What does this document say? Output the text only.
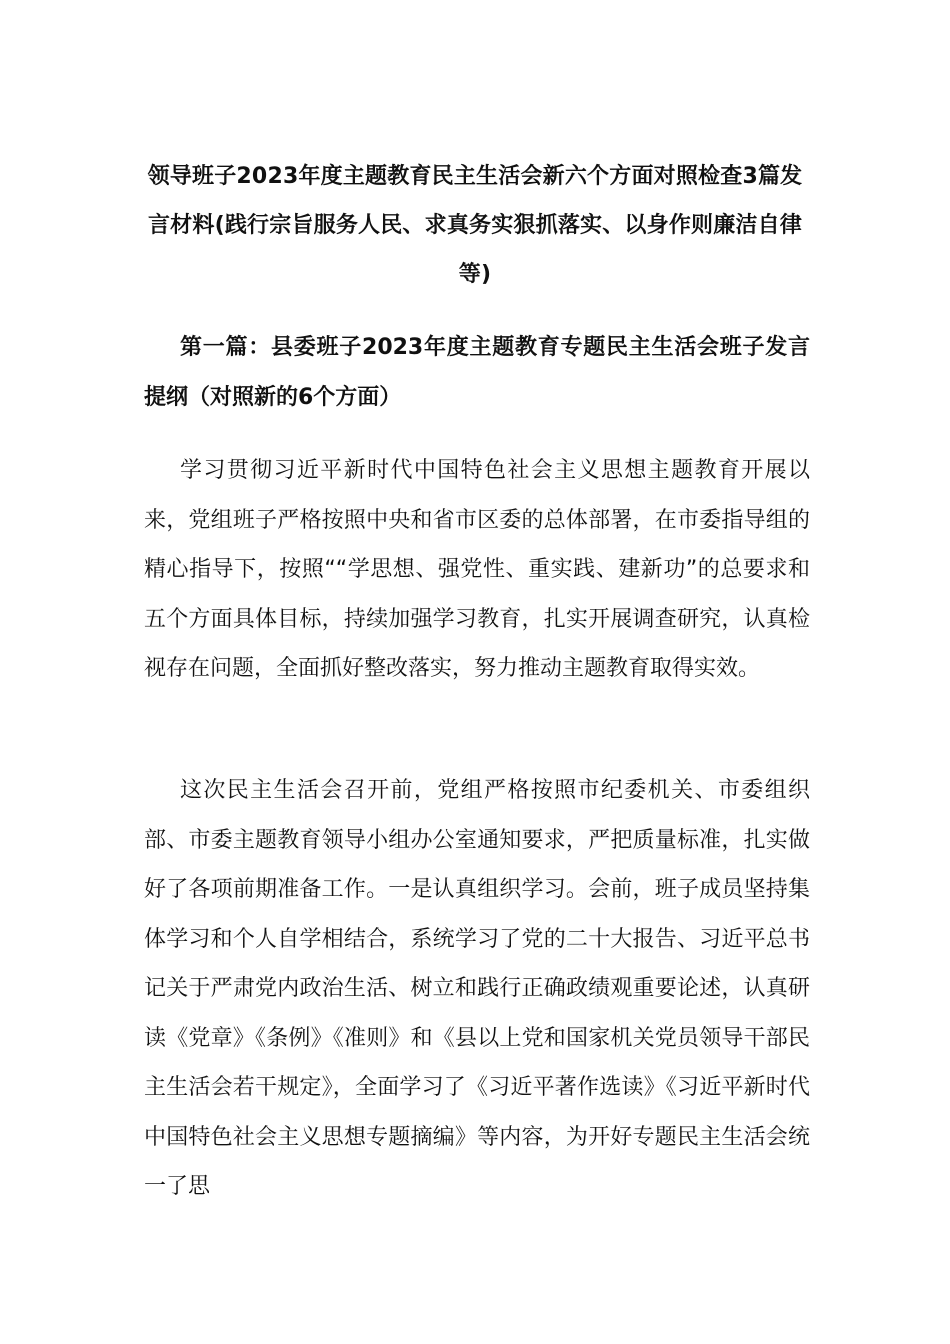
领导班子2023年度主题教育民主生活会新六个方面对照检查3篇发言材料(践行宗旨服务人民、求真务实狠抓落实、以身作则廉洁自律等)
第一篇：县委班子2023年度主题教育专题民主生活会班子发言提纲（对照新的6个方面）

学习贯彻习近平新时代中国特色社会主义思想主题教育开展以来，党组班子严格按照中央和省市区委的总体部署，在市委指导组的精心指导下，按照““学思想、强党性、重实践、建新功”的总要求和五个方面具体目标，持续加强学习教育，扎实开展调查研究，认真检视存在问题，全面抓好整改落实，努力推动主题教育取得实效。

这次民主生活会召开前，党组严格按照市纪委机关、市委组织部、市委主题教育领导小组办公室通知要求，严把质量标准，扎实做好了各项前期准备工作。一是认真组织学习。会前，班子成员坚持集体学习和个人自学相结合，系统学习了党的二十大报告、习近平总书记关于严肃党内政治生活、树立和践行正确政绩观重要论述，认真研读《党章》《条例》《准则》和《县以上党和国家机关党员领导干部民主生活会若干规定》，全面学习了《习近平著作选读》《习近平新时代中国特色社会主义思想专题摘编》等内容，为开好专题民主生活会统一了思
